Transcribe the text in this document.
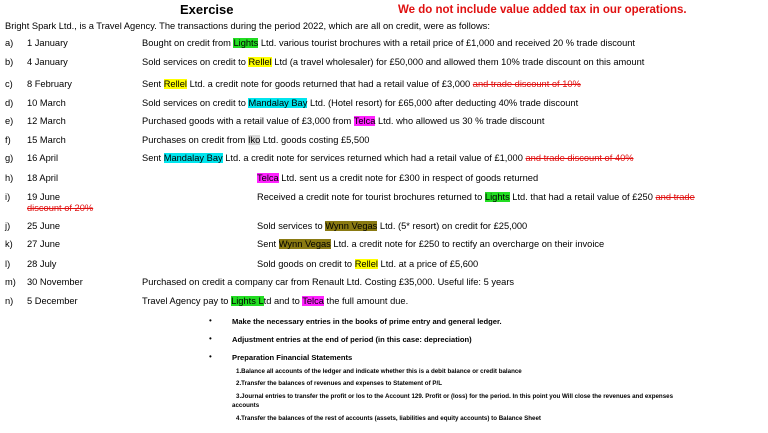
Exercise	We do not include value added tax in our operations.
Bright Spark Ltd., is a Travel Agency. The transactions during the period 2022, which are all on credit, were as follows:
a) 1 January	Bought on credit from Lights Ltd. various tourist brochures with a retail price of £1,000 and received 20 % trade discount
b) 4 January	Sold services on credit to Rellel Ltd (a travel wholesaler) for £50,000 and allowed them 10% trade discount on this amount
c) 8 February	Sent Rellel Ltd. a credit note for goods returned that had a retail value of £3,000 and trade discount of 10%
d) 10 March	Sold services on credit to Mandalay Bay Ltd. (Hotel resort) for £65,000 after deducting 40% trade discount
e) 12 March	Purchased goods with a retail value of £3,000 from Telca Ltd. who allowed us 30 % trade discount
f) 15 March	Purchases on credit from Iko Ltd. goods costing £5,500
g) 16 April	Sent Mandalay Bay Ltd. a credit note for services returned which had a retail value of £1,000 and trade discount of 40%
h) 18 April	Telca Ltd. sent us a credit note for £300 in respect of goods returned
i) 19 June	Received a credit note for tourist brochures returned to Lights Ltd. that had a retail value of £250 and trade
discount of 20%
j) 25 June	Sold services to Wynn Vegas Ltd. (5* resort) on credit for £25,000
k) 27 June	Sent Wynn Vegas Ltd. a credit note for £250 to rectify an overcharge on their invoice
l) 28 July	Sold goods on credit to Rellel Ltd. at a price of £5,600
m) 30 November	Purchased on credit a company car from Renault Ltd. Costing £35,000. Useful life: 5 years
n) 5 December	Travel Agency pay to Lights Ltd and to Telca the full amount due.
•	Make the necessary entries in the books of prime entry and general ledger.
•	Adjustment entries at the end of period (in this case: depreciation)
•	Preparation Financial Statements
1.Balance all accounts of the ledger and indicate whether this is a debit balance or credit balance
2.Transfer the balances of revenues and expenses to Statement of P/L
3.Journal entries to transfer the profit or los to the Account 129. Profit or (loss) for the period. In this point you Will close the revenues and expenses
accounts
4.Transfer the balances of the rest of accounts (assets, liabilities and equity accounts) to Balance Sheet
